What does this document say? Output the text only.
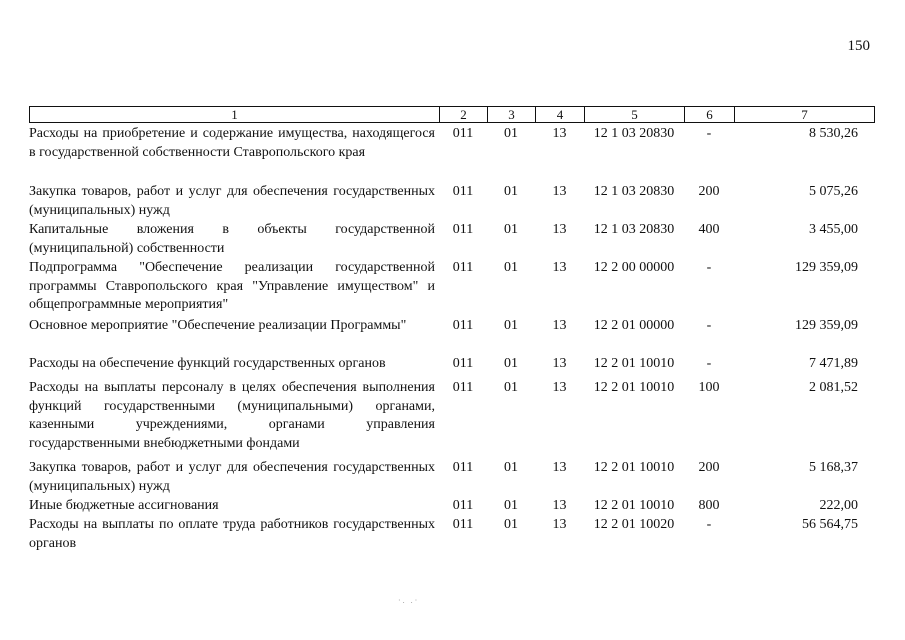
150
1	2	3	4	5	6	7
Расходы на приобретение и содержание имущества, находящегося в государственной собственности Ставропольского края	011	01	13	12 1 03 20830	-	8 530,26
Закупка товаров, работ и услуг для обеспечения государственных (муниципальных) нужд	011	01	13	12 1 03 20830	200	5 075,26
Капитальные вложения в объекты государственной (муниципальной) собственности	011	01	13	12 1 03 20830	400	3 455,00
Подпрограмма "Обеспечение реализации государственной программы Ставропольского края "Управление имуществом" и общепрограммные мероприятия"	011	01	13	12 2 00 00000	-	129 359,09
Основное мероприятие "Обеспечение реализации Программы"	011	01	13	12 2 01 00000	-	129 359,09
Расходы на обеспечение функций государственных органов	011	01	13	12 2 01 10010	-	7 471,89
Расходы на выплаты персоналу в целях обеспечения выполнения функций государственными (муниципальными) органами, казенными учреждениями, органами управления государственными внебюджетными фондами	011	01	13	12 2 01 10010	100	2 081,52
Закупка товаров, работ и услуг для обеспечения государственных (муниципальных) нужд	011	01	13	12 2 01 10010	200	5 168,37
Иные бюджетные ассигнования	011	01	13	12 2 01 10010	800	222,00
Расходы на выплаты по оплате труда работников государственных органов	011	01	13	12 2 01 10020	-	56 564,75
·. .·
